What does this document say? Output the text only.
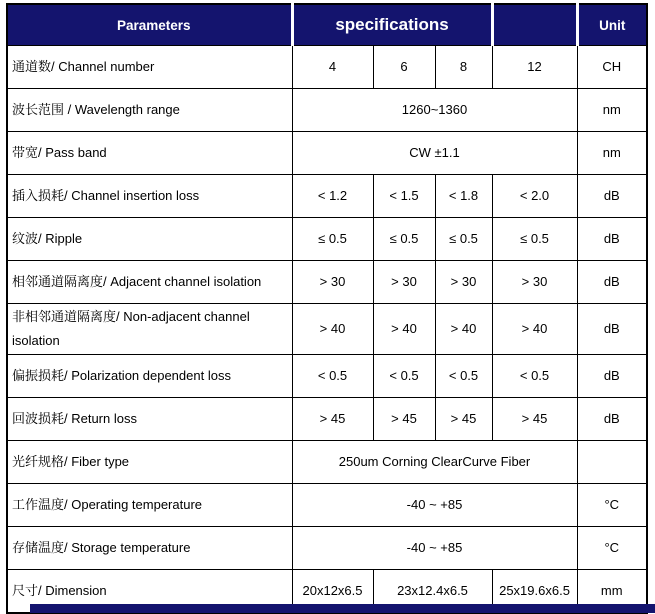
Parameters	specifications				Unit
通道数/ Channel number	4	6	8	12	CH
波长范围 / Wavelength range	1260~1360				nm
带宽/ Pass band	CW ±1.1				nm
插入损耗/ Channel insertion loss	< 1.2	< 1.5	< 1.8	< 2.0	dB
纹波/ Ripple	≤ 0.5	≤ 0.5	≤ 0.5	≤ 0.5	dB
相邻通道隔离度/ Adjacent channel isolation	> 30	> 30	> 30	> 30	dB
非相邻通道隔离度/ Non-adjacent channel isolation	> 40	> 40	> 40	> 40	dB
偏振损耗/ Polarization dependent loss	< 0.5	< 0.5	< 0.5	< 0.5	dB
回波损耗/ Return loss	> 45	> 45	> 45	> 45	dB
光纤规格/ Fiber type	250um Corning ClearCurve Fiber				
工作温度/ Operating temperature	-40 ~ +85				°C
存储温度/ Storage temperature	-40 ~ +85				°C
尺寸/ Dimension	20x12x6.5	23x12.4x6.5		25x19.6x6.5	mm
